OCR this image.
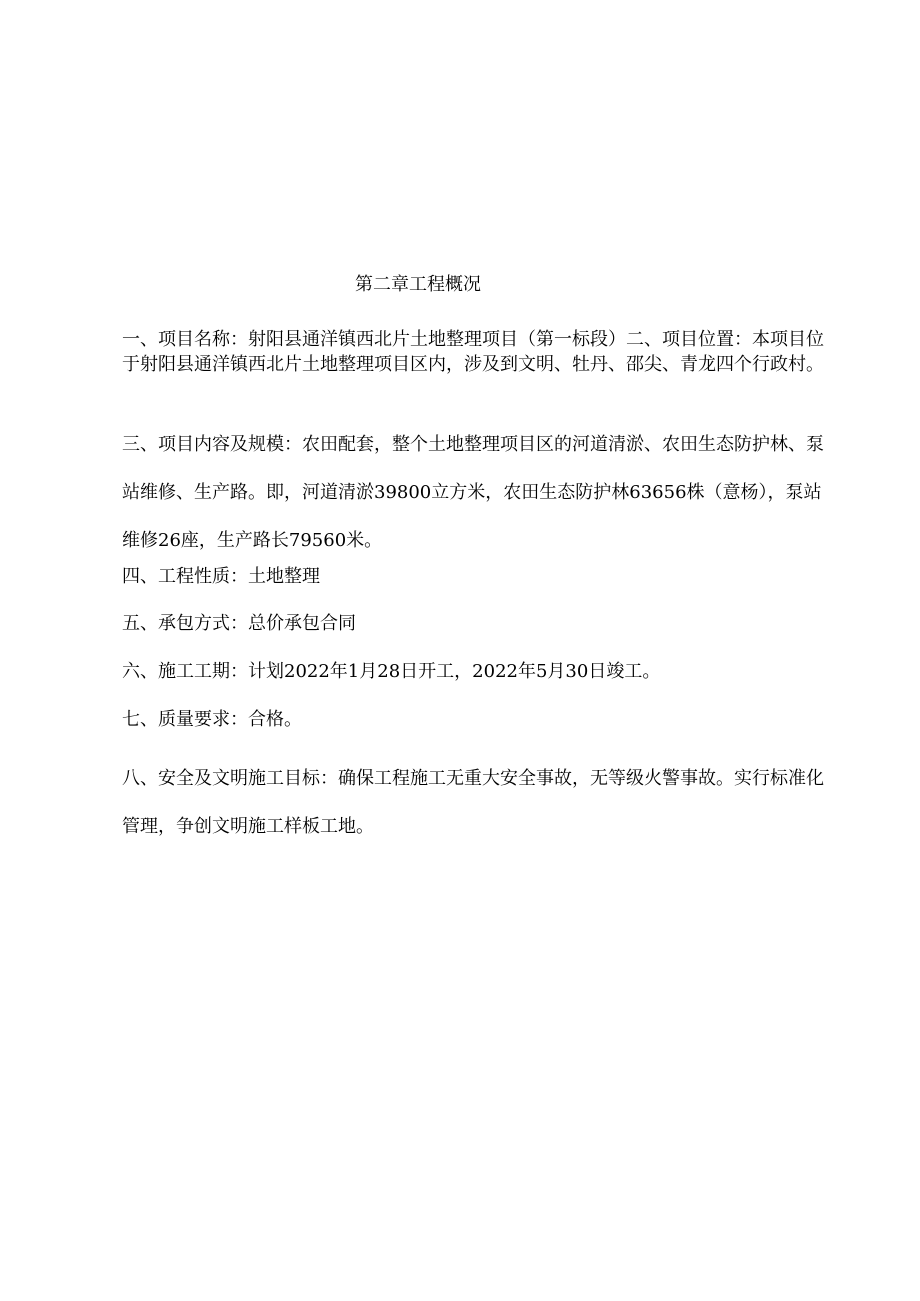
第二章工程概况

一、项目名称：射阳县通洋镇西北片土地整理项目（第一标段）二、项目位置：本项目位于射阳县通洋镇西北片土地整理项目区内，涉及到文明、牡丹、邵尖、青龙四个行政村。

三、项目内容及规模：农田配套，整个土地整理项目区的河道清淤、农田生态防护林、泵站维修、生产路。即，河道清淤39800立方米，农田生态防护林63656株（意杨），泵站维修26座，生产路长79560米。

四、工程性质：土地整理

五、承包方式：总价承包合同

六、施工工期：计划2022年1月28日开工，2022年5月30日竣工。

七、质量要求：合格。

八、安全及文明施工目标：确保工程施工无重大安全事故，无等级火警事故。实行标准化管理，争创文明施工样板工地。
